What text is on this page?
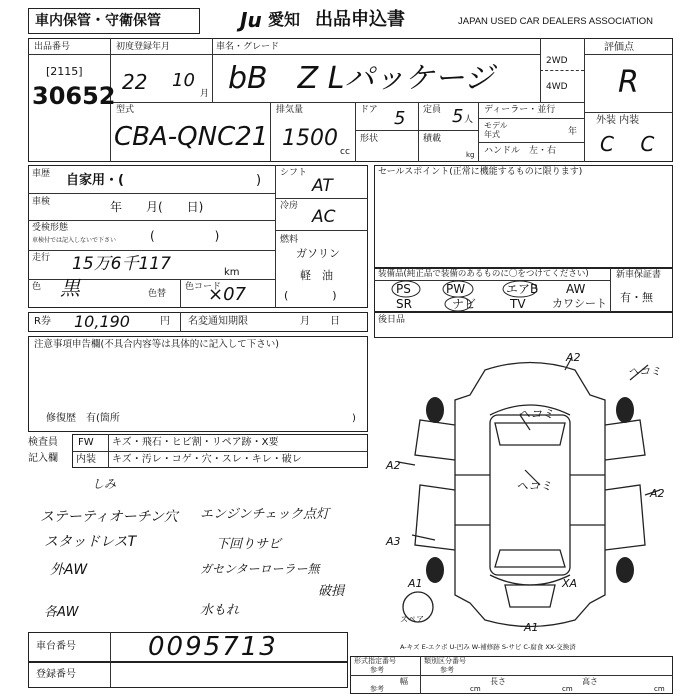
車内保管・守衛保管	Ju 愛知 出品申込書	JAPAN USED CAR DEALERS ASSOCIATION
出品番号
[2115]
30652
初度登録年月
22 10
月
車名・グレード
bB　Z Lパッケージ	2WD
4WD
評価点
R
外装 内装
C C
型式
CBA-QNC21
排気量
1500
cc
ドア 5 定員 5 人
形状	積載
kg
ディーラー・並行
モデル
年式	年
ハンドル　左・右
車歴 自家用・(	)
車検	年　　月(　　日)
受検形態
車検付では記入しないで下さい	(　　　　　)
走行 15万6千117	km
色 黒	色替
色コード
×07
シフト
AT
冷房
AC
燃料
ガソリン
軽　油
(　　　　)
セールスポイント(正常に機能するものに限ります)
装備品(純正品で装備のあるものに〇をつけてください)	新車保証書
有・無
PS	PW	エアB AW
SR	ナビ	TV カワシート
R券 10,190	円 名変通知期限	月　　日	後日品
注意事項申告欄(不具合内容等は具体的に記入して下さい)
修復歴　有(箇所	)
検査員
記入欄
FW キズ・飛石・ヒビ割・リペア跡・X要
内装 キズ・汚レ・コゲ・穴・スレ・キレ・破レ
しみ
ステーティオーチン穴
スタッドレスT
外AW
エンジンチェック点灯
下回りサビ
ガセンターローラー無
破損
水もれ
各AW
A2
ヘコミ
ヘコミ
ヘコミ
A2
A2
A1
A1
XA
スペア
A3
A-キズ E-エクボ U-凹み W-補修跡 S-サビ C-腐食 XX-交換済
車台番号	0095713
登録番号
形式指定番号
参考
類別区分番号
参考
参考
幅
cm
長さ
cm
高さ
cm
